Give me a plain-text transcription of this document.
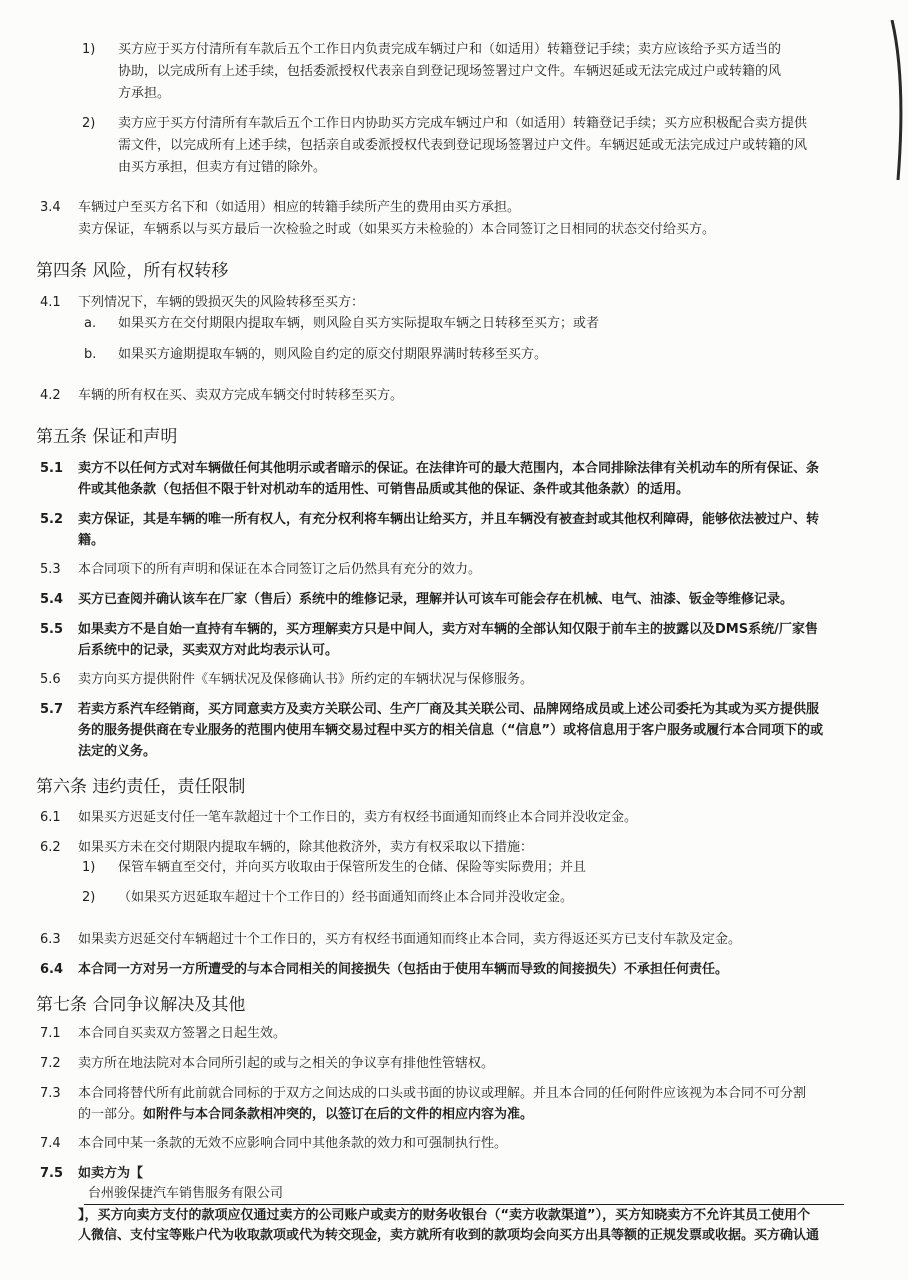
1) 买方应于买方付清所有车款后五个工作日内负责完成车辆过户和（如适用）转籍登记手续；卖方应该给予买方适当的
协助，以完成所有上述手续，包括委派授权代表亲自到登记现场签署过户文件。车辆迟延或无法完成过户或转籍的风
方承担。
2) 卖方应于买方付清所有车款后五个工作日内协助买方完成车辆过户和（如适用）转籍登记手续；买方应积极配合卖方提供
需文件，以完成所有上述手续，包括亲自或委派授权代表到登记现场签署过户文件。车辆迟延或无法完成过户或转籍的风
由买方承担，但卖方有过错的除外。
3.4 车辆过户至买方名下和（如适用）相应的转籍手续所产生的费用由买方承担。
卖方保证，车辆系以与买方最后一次检验之时或（如果买方未检验的）本合同签订之日相同的状态交付给买方。
第四条 风险，所有权转移
4.1 下列情况下，车辆的毁损灭失的风险转移至买方：
a. 如果买方在交付期限内提取车辆，则风险自买方实际提取车辆之日转移至买方；或者
b. 如果买方逾期提取车辆的，则风险自约定的原交付期限界满时转移至买方。
4.2 车辆的所有权在买、卖双方完成车辆交付时转移至买方。
第五条 保证和声明
5.1 卖方不以任何方式对车辆做任何其他明示或者暗示的保证。在法律许可的最大范围内，本合同排除法律有关机动车的所有保证、条
件或其他条款（包括但不限于针对机动车的适用性、可销售品质或其他的保证、条件或其他条款）的适用。
5.2 卖方保证，其是车辆的唯一所有权人，有充分权利将车辆出让给买方，并且车辆没有被查封或其他权利障碍，能够依法被过户、转
籍。
5.3 本合同项下的所有声明和保证在本合同签订之后仍然具有充分的效力。
5.4 买方已查阅并确认该车在厂家（售后）系统中的维修记录，理解并认可该车可能会存在机械、电气、油漆、钣金等维修记录。
5.5 如果卖方不是自始一直持有车辆的，买方理解卖方只是中间人，卖方对车辆的全部认知仅限于前车主的披露以及DMS系统/厂家售
后系统中的记录，买卖双方对此均表示认可。
5.6 卖方向买方提供附件《车辆状况及保修确认书》所约定的车辆状况与保修服务。
5.7 若卖方系汽车经销商，买方同意卖方及卖方关联公司、生产厂商及其关联公司、品牌网络成员或上述公司委托为其或为买方提供服
务的服务提供商在专业服务的范围内使用车辆交易过程中买方的相关信息（“信息”）或将信息用于客户服务或履行本合同项下的或
法定的义务。
第六条 违约责任，责任限制
6.1 如果买方迟延支付任一笔车款超过十个工作日的，卖方有权经书面通知而终止本合同并没收定金。
6.2 如果买方未在交付期限内提取车辆的，除其他救济外，卖方有权采取以下措施：
1) 保管车辆直至交付，并向买方收取由于保管所发生的仓储、保险等实际费用；并且
2) （如果买方迟延取车超过十个工作日的）经书面通知而终止本合同并没收定金。
6.3 如果卖方迟延交付车辆超过十个工作日的，买方有权经书面通知而终止本合同，卖方得返还买方已支付车款及定金。
6.4 本合同一方对另一方所遭受的与本合同相关的间接损失（包括由于使用车辆而导致的间接损失）不承担任何责任。
第七条 合同争议解决及其他
7.1 本合同自买卖双方签署之日起生效。
7.2 卖方所在地法院对本合同所引起的或与之相关的争议享有排他性管辖权。
7.3 本合同将替代所有此前就合同标的于双方之间达成的口头或书面的协议或理解。并且本合同的任何附件应该视为本合同不可分割
的一部分。如附件与本合同条款相冲突的，以签订在后的文件的相应内容为准。
7.4 本合同中某一条款的无效不应影响合同中其他条款的效力和可强制执行性。
7.5 如卖方为【
台州骏保捷汽车销售服务有限公司
】，买方向卖方支付的款项应仅通过卖方的公司账户或卖方的财务收银台（“卖方收款渠道”），买方知晓卖方不允许其员工使用个
人微信、支付宝等账户代为收取款项或代为转交现金，卖方就所有收到的款项均会向买方出具等额的正规发票或收据。买方确认通
